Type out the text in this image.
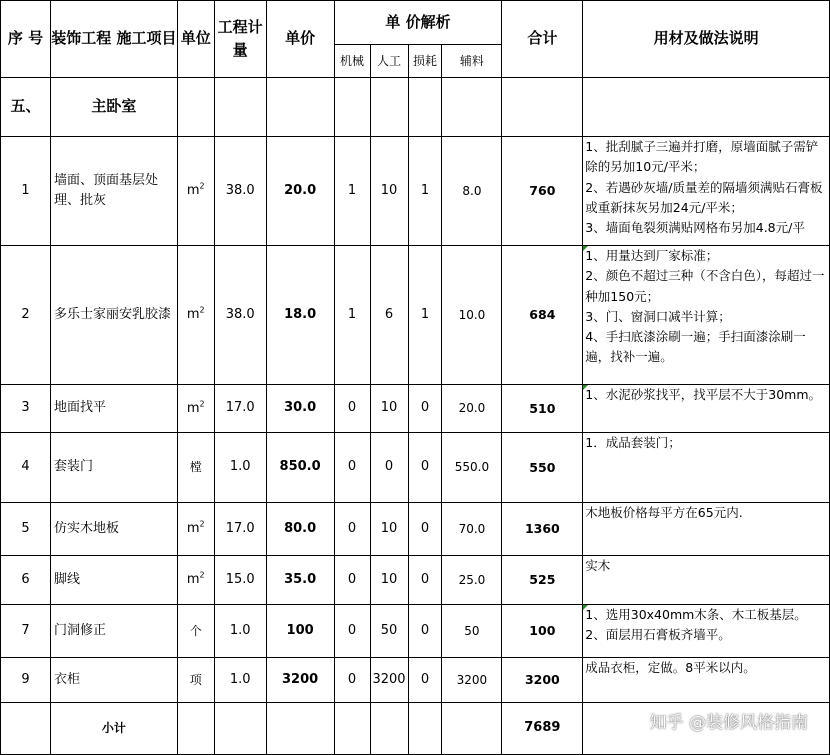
序 号	装饰工程 施工项目	单位	工程计量	单价	单 价解析				合计	用材及做法说明
					机械	人工	损耗	辅料		
五、	主卧室									
1	墙面、顶面基层处理、批灰	$m^2$	38.0	20.0	1	10	1	8.0	760	1、批刮腻子三遍并打磨，原墙面腻子需铲除的另加10元/平米；
2、若遇砂灰墙/质量差的隔墙须满贴石膏板或重新抹灰另加24元/平米；
3、墙面龟裂须满贴网格布另加4.8元/平

2	多乐士家丽安乳胶漆	$m^2$	38.0	18.0	1	6	1	10.0	684	1、用量达到厂家标准；
2、颜色不超过三种（不含白色），每超过一种加150元；
3、门、窗洞口减半计算；
4、手扫底漆涂刷一遍；手扫面漆涂刷一遍，找补一遍。

3	地面找平	$m^2$	17.0	30.0	0	10	0	20.0	510	1、水泥砂浆找平，找平层不大于30mm。

4	套装门	樘	1.0	850.0	0	0	0	550.0	550	1．成品套装门；

5	仿实木地板	$m^2$	17.0	80.0	0	10	0	70.0	1360	木地板价格每平方在65元内.

6	脚线	$m^2$	15.0	35.0	0	10	0	25.0	525	实木

7	门洞修正	个	1.0	100	0	50	0	50	100	1、选用30x40mm木条、木工板基层。
2、面层用石膏板齐墙平。

9	衣柜	项	1.0	3200	0	3200	0	3200	3200	成品衣柜，定做。8平米以内。

	小计								7689		知乎 @装修风格指南
